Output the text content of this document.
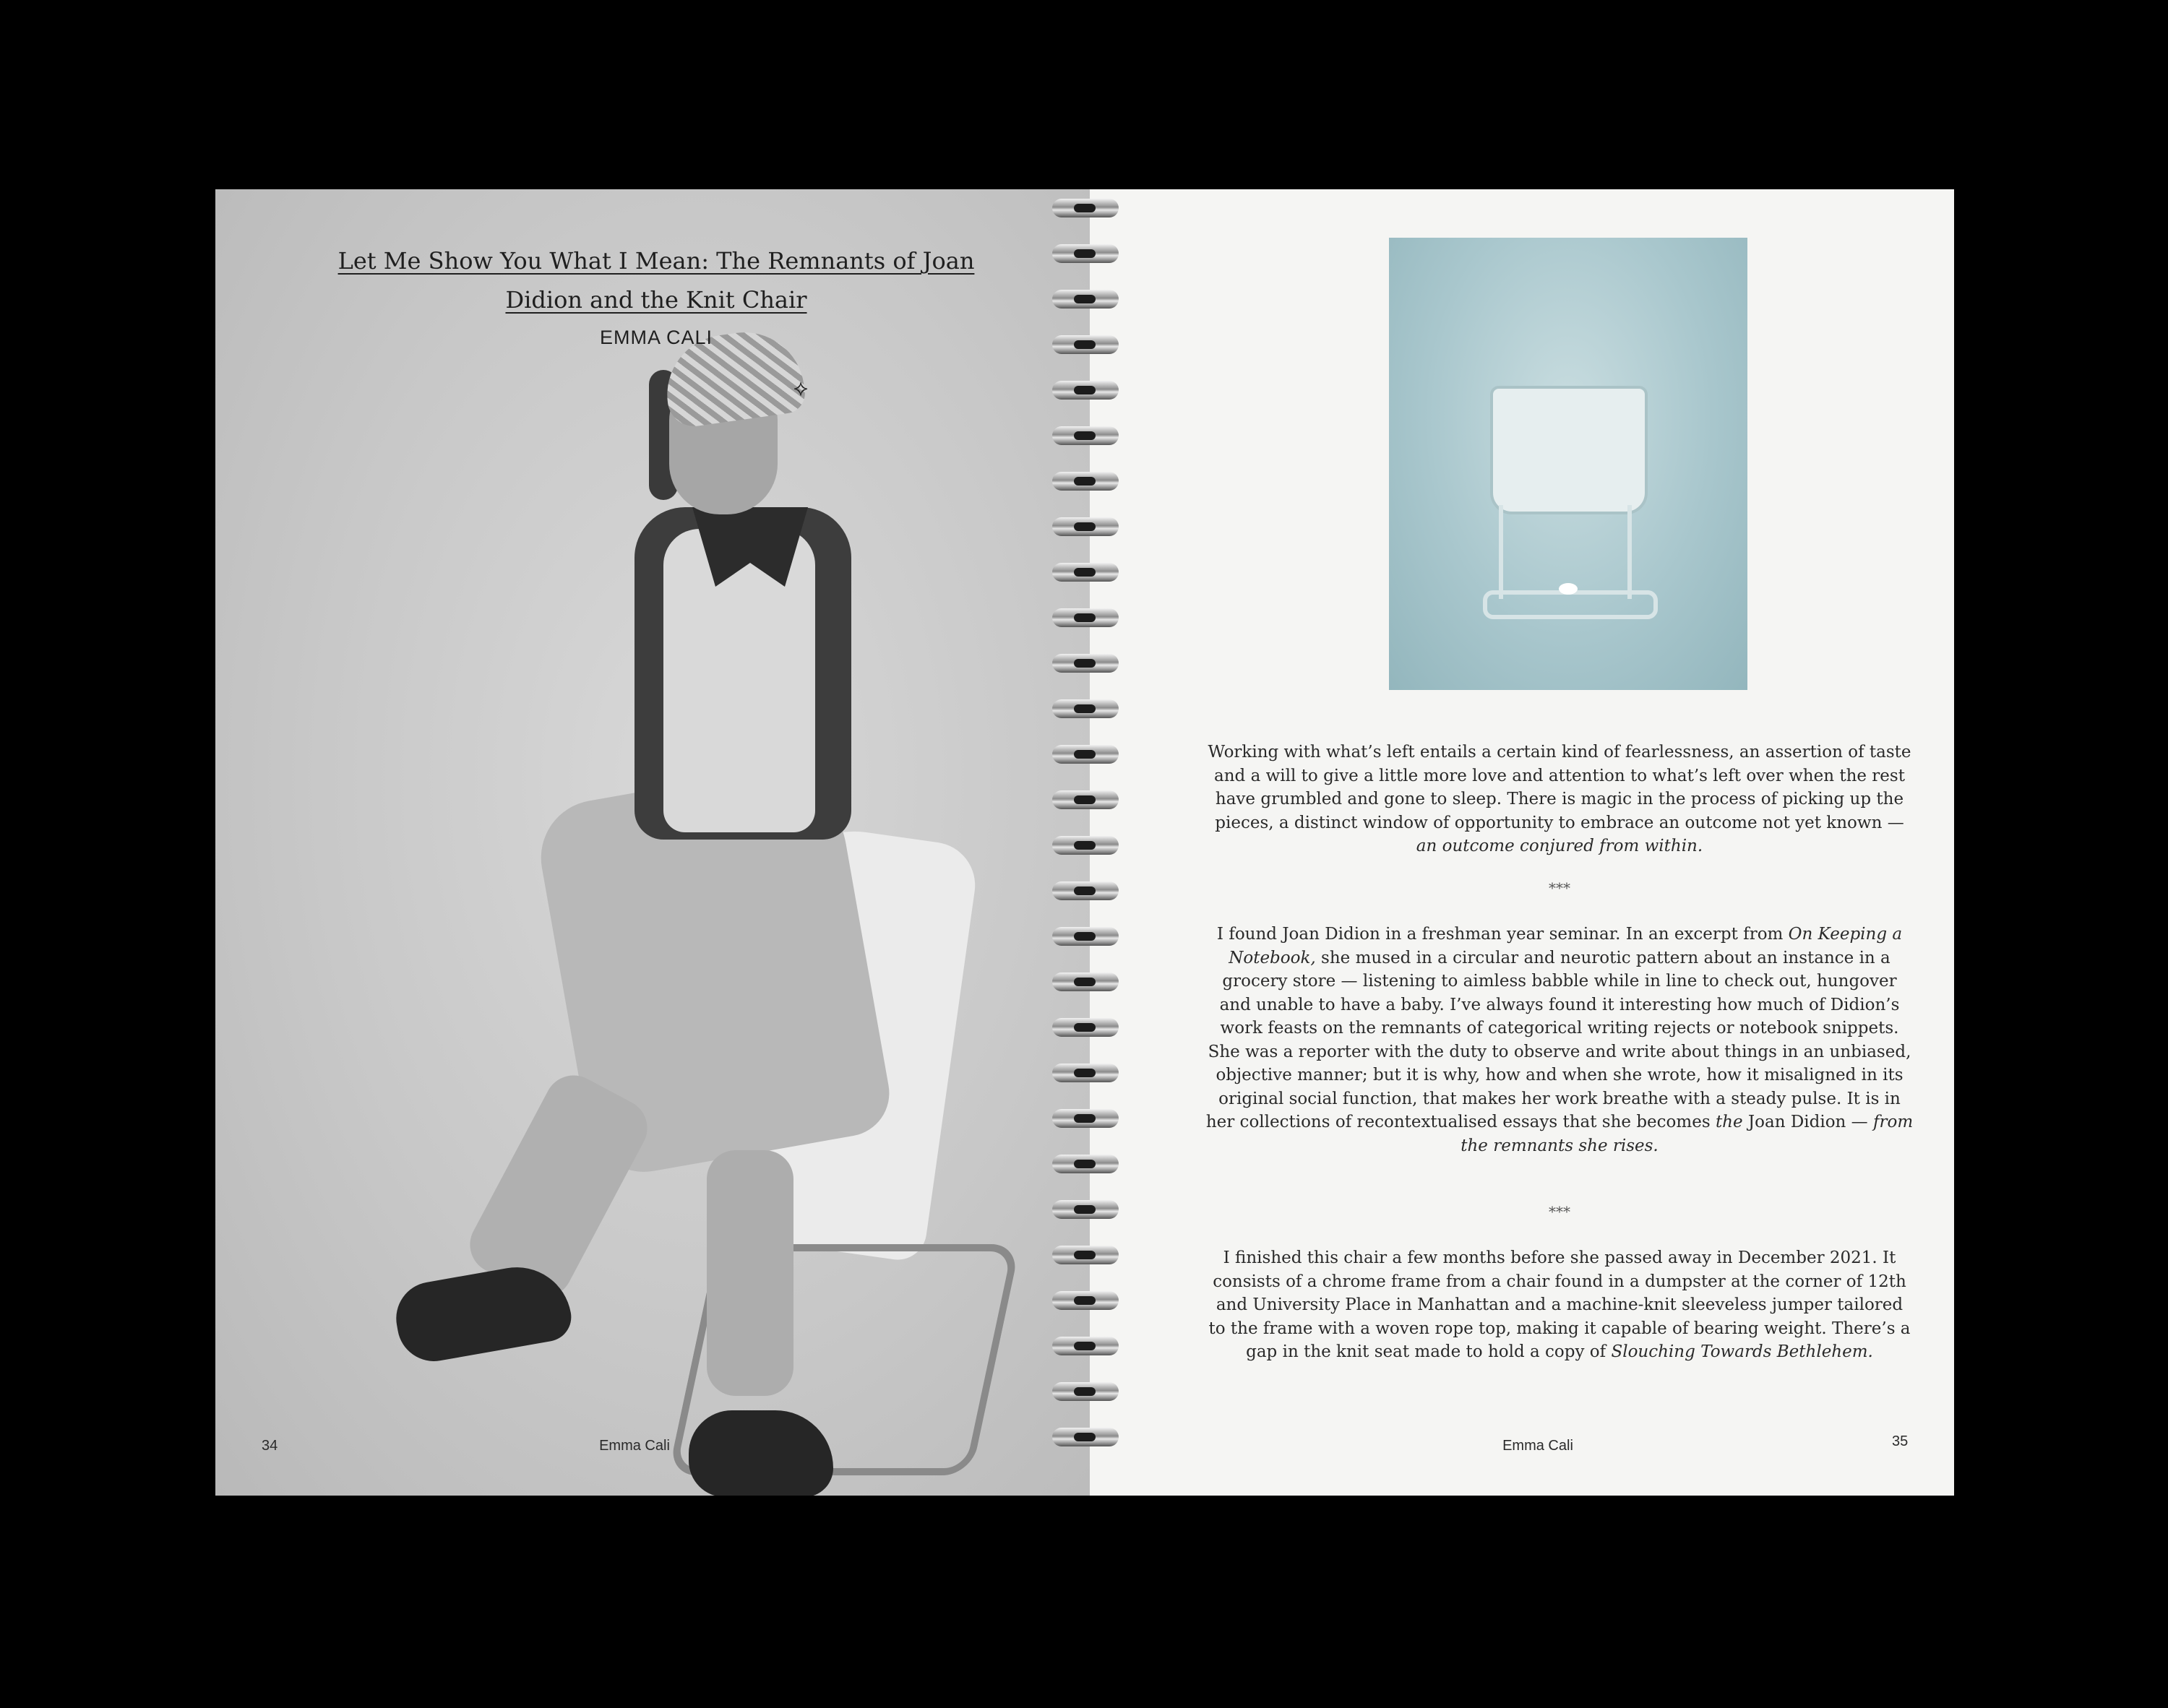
Let Me Show You What I Mean: The Remnants of Joan
Didion and the Knit Chair
EMMA CALI
⟡
34	Emma Cali

Working with what’s left entails a certain kind of fearlessness, an assertion of taste and a will to give a little more love and attention to what’s left over when the rest have grumbled and gone to sleep. There is magic in the process of picking up the pieces, a distinct window of opportunity to embrace an outcome not yet known — an outcome conjured from within.

***

I found Joan Didion in a freshman year seminar. In an excerpt from On Keeping a Notebook, she mused in a circular and neurotic pattern about an instance in a grocery store — listening to aimless babble while in line to check out, hungover and unable to have a baby. I’ve always found it interesting how much of Didion’s work feasts on the remnants of categorical writing rejects or notebook snippets. She was a reporter with the duty to observe and write about things in an unbiased, objective manner; but it is why, how and when she wrote, how it misaligned in its original social function, that makes her work breathe with a steady pulse. It is in her collections of recontextualised essays that she becomes the Joan Didion — from the remnants she rises.

***

I finished this chair a few months before she passed away in December 2021. It consists of a chrome frame from a chair found in a dumpster at the corner of 12th and University Place in Manhattan and a machine-knit sleeveless jumper tailored to the frame with a woven rope top, making it capable of bearing weight. There’s a gap in the knit seat made to hold a copy of Slouching Towards Bethlehem.

Emma Cali	35
